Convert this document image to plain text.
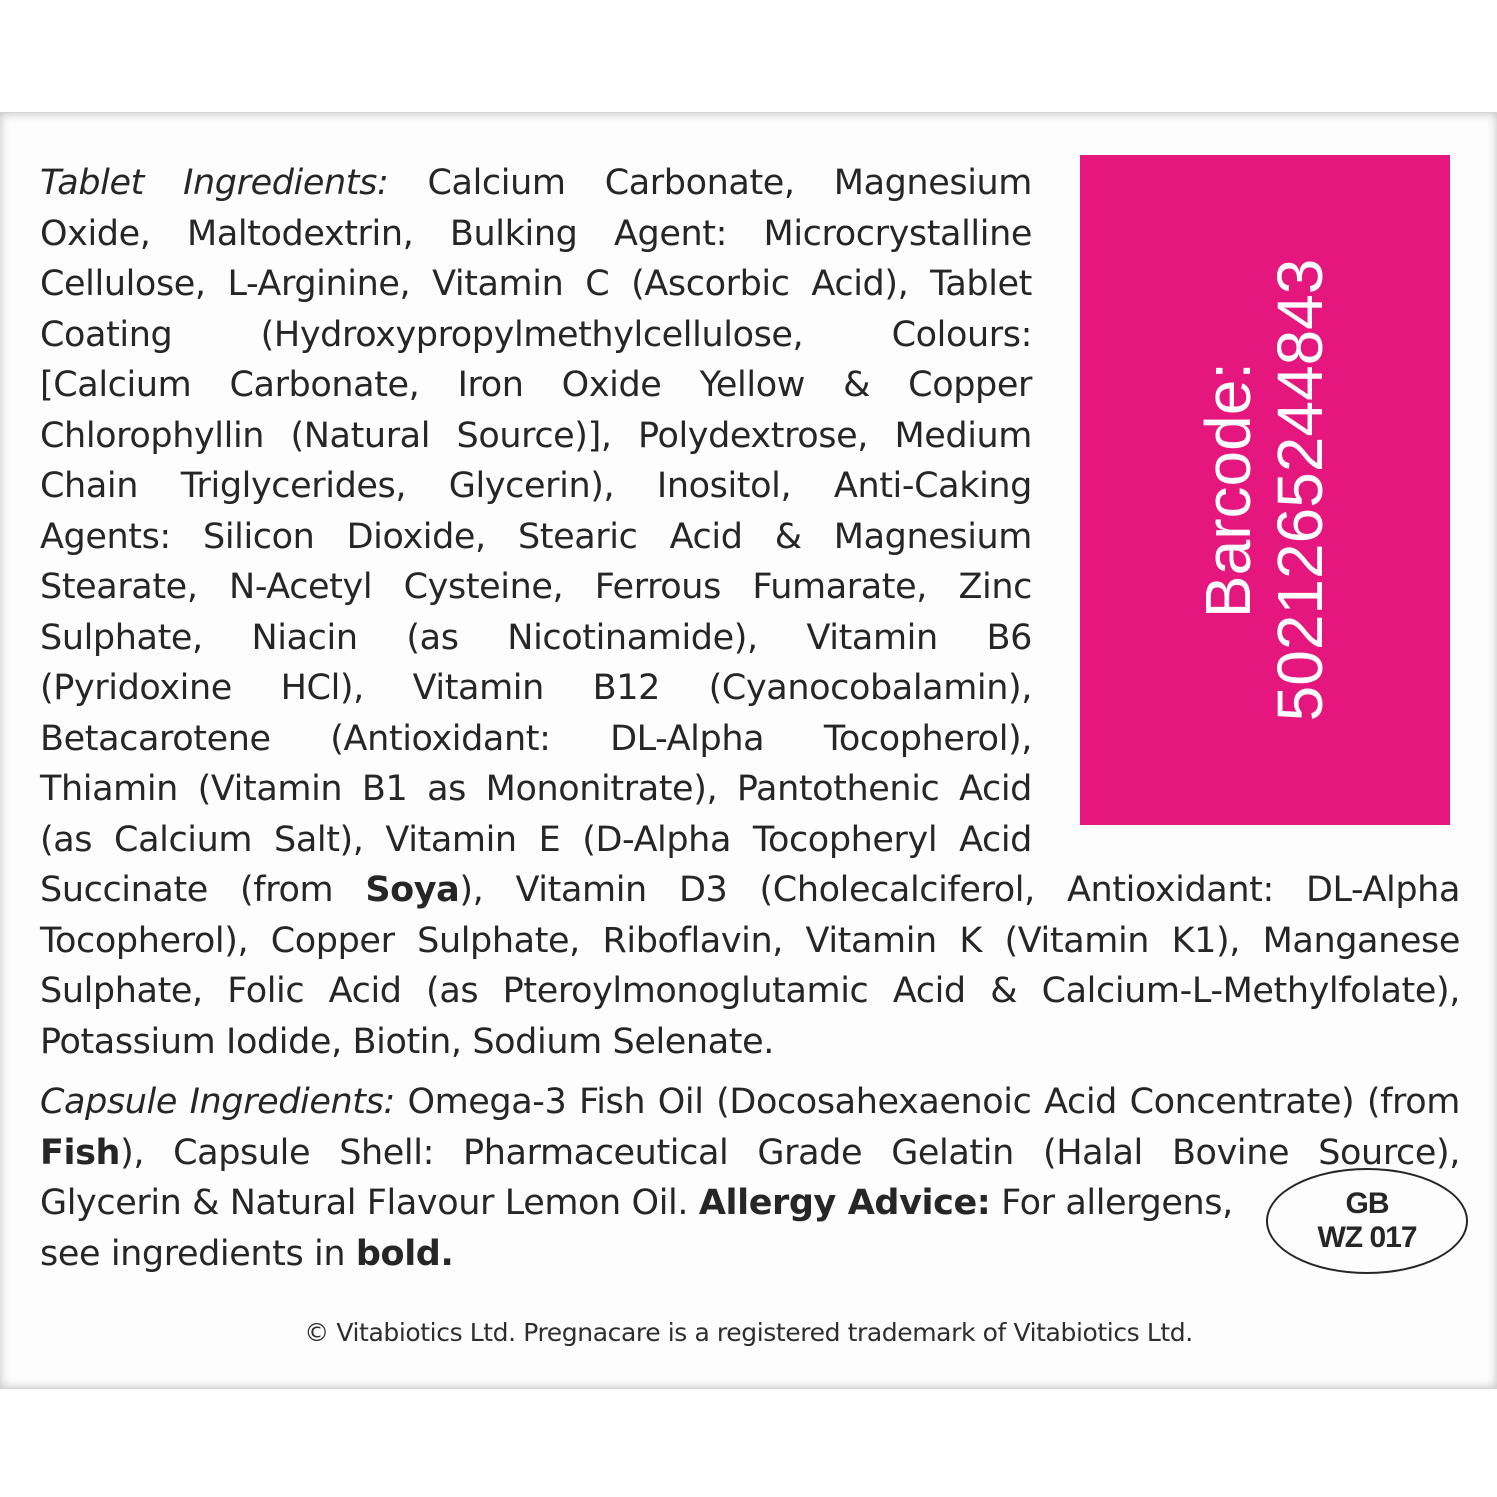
Barcode: 5021265244843

Tablet Ingredients: Calcium Carbonate, Magnesium Oxide, Maltodextrin, Bulking Agent: Microcrystalline Cellulose, L-Arginine, Vitamin C (Ascorbic Acid), Tablet Coating (Hydroxypropylmethylcellulose, Colours: [Calcium Carbonate, Iron Oxide Yellow & Copper Chlorophyllin (Natural Source)], Polydextrose, Medium Chain Triglycerides, Glycerin), Inositol, Anti-Caking Agents: Silicon Dioxide, Stearic Acid & Magnesium Stearate, N-Acetyl Cysteine, Ferrous Fumarate, Zinc Sulphate, Niacin (as Nicotinamide), Vitamin B6 (Pyridoxine HCl), Vitamin B12 (Cyanocobalamin), Betacarotene (Antioxidant: DL-Alpha Tocopherol), Thiamin (Vitamin B1 as Mononitrate), Pantothenic Acid (as Calcium Salt), Vitamin E (D-Alpha Tocopheryl Acid Succinate (from Soya), Vitamin D3 (Cholecalciferol, Antioxidant: DL-Alpha Tocopherol), Copper Sulphate, Riboflavin, Vitamin K (Vitamin K1), Manganese Sulphate, Folic Acid (as Pteroylmonoglutamic Acid & Calcium-L-Methylfolate), Potassium Iodide, Biotin, Sodium Selenate.

Capsule Ingredients: Omega-3 Fish Oil (Docosahexaenoic Acid Concentrate) (from Fish), Capsule Shell: Pharmaceutical Grade Gelatin (Halal Bovine Source), Glycerin & Natural Flavour Lemon Oil. Allergy Advice: For allergens,

see ingredients in bold.

GB
WZ 017
© Vitabiotics Ltd. Pregnacare is a registered trademark of Vitabiotics Ltd.
